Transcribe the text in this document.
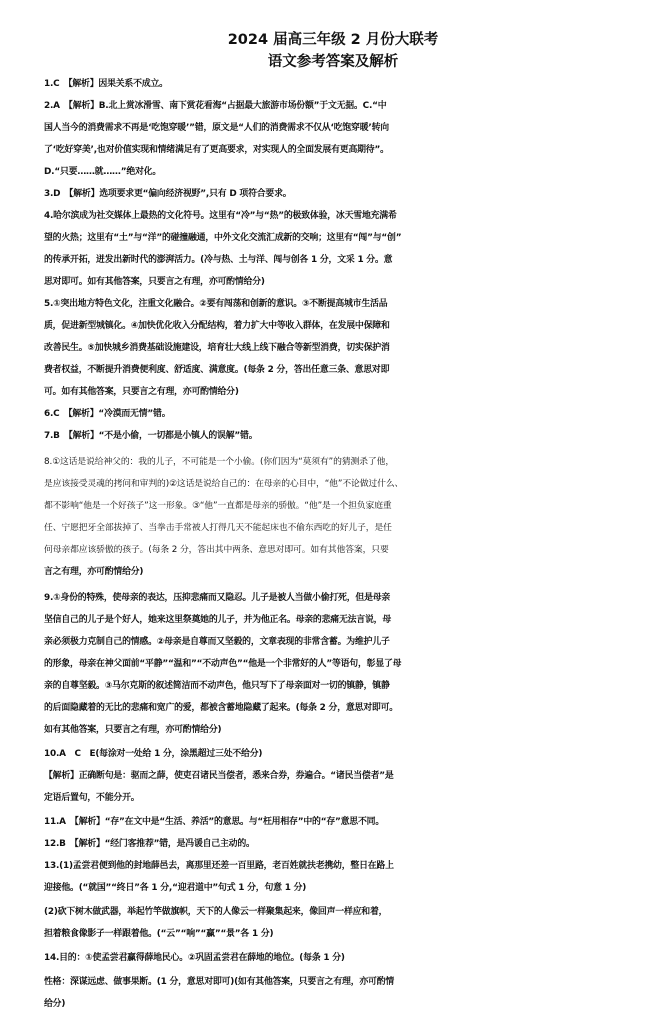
2024 届高三年级 2 月份大联考
语文参考答案及解析
1.C　【解析】因果关系不成立。
2.A　【解析】B.北上赏冰滑雪、南下赏花看海“占据最大旅游市场份额”于文无据。C.“中
国人当今的消费需求不再是‘吃饱穿暖’”错，原文是“人们的消费需求不仅从‘吃饱穿暖’转向
了‘吃好穿美’,也对价值实现和情绪满足有了更高要求，对实现人的全面发展有更高期待”。
D.“只要……就……”绝对化。
3.D　【解析】选项要求更“偏向经济视野”,只有 D 项符合要求。
4.哈尔滨成为社交媒体上最热的文化符号。这里有“冷”与“热”的极致体验，冰天雪地充满希
望的火热；这里有“土”与“洋”的碰撞融通，中外文化交流汇成新的交响；这里有“闯”与“创”
的传承开拓，迸发出新时代的澎湃活力。(冷与热、土与洋、闯与创各 1 分，文采 1 分。意
思对即可。如有其他答案，只要言之有理，亦可酌情给分)
5.①突出地方特色文化，注重文化融合。②要有闯荡和创新的意识。③不断提高城市生活品
质，促进新型城镇化。④加快优化收入分配结构，着力扩大中等收入群体，在发展中保障和
改善民生。⑤加快城乡消费基础设施建设，培育壮大线上线下融合等新型消费，切实保护消
费者权益，不断提升消费便利度、舒适度、满意度。(每条 2 分，答出任意三条、意思对即
可。如有其他答案，只要言之有理，亦可酌情给分)
6.C　【解析】“冷漠而无情”错。
7.B　【解析】“不是小偷，一切都是小镇人的误解”错。
8.①这话是说给神父的：我的儿子，不可能是一个小偷。(你们因为“莫须有”的猜测杀了他，
是应该接受灵魂的拷问和审判的)②这话是说给自己的：在母亲的心目中，“他”不论做过什么、
都不影响“他是一个好孩子”这一形象。③“他”一直都是母亲的骄傲。“他”是一个担负家庭重
任、宁愿把牙全部拔掉了、当拳击手常被人打得几天不能起床也不偷东西吃的好儿子，是任
何母亲都应该骄傲的孩子。(每条 2 分，答出其中两条、意思对即可。如有其他答案，只要
言之有理，亦可酌情给分)
9.①身份的特殊，使母亲的表达，压抑悲痛而又隐忍。儿子是被人当做小偷打死，但是母亲
坚信自己的儿子是个好人，她来这里祭奠她的儿子，并为他正名。母亲的悲痛无法言说，母
亲必须极力克制自己的情感。②母亲是自尊而又坚毅的，文章表现的非常含蓄。为维护儿子
的形象，母亲在神父面前“平静”“温和”“不动声色”“他是一个非常好的人”等语句，彰显了母
亲的自尊坚毅。③马尔克斯的叙述简洁而不动声色，他只写下了母亲面对一切的镇静，镇静
的后面隐藏着的无比的悲痛和宽广的爱，都被含蓄地隐藏了起来。(每条 2 分，意思对即可。
如有其他答案，只要言之有理，亦可酌情给分)
10.A　C　E(每涂对一处给 1 分，涂黑超过三处不给分)
【解析】正确断句是：驱而之薛，使吏召诸民当偿者，悉来合券，券遍合。“诸民当偿者”是
定语后置句，不能分开。
11.A　【解析】“存”在文中是“生活、养活”的意思。与“枉用相存”中的“存”意思不同。
12.B　【解析】“经门客推荐”错，是冯谖自己主动的。
13.(1)孟尝君便到他的封地薛邑去，离那里还差一百里路，老百姓就扶老携幼，整日在路上
迎接他。(“就国”“终日”各 1 分,“迎君道中”句式 1 分，句意 1 分)
(2)砍下树木做武器，举起竹竿做旗帜，天下的人像云一样聚集起来，像回声一样应和着，
担着粮食像影子一样跟着他。(“云”“响”“赢”“景”各 1 分)
14.目的：①使孟尝君赢得薛地民心。②巩固孟尝君在薛地的地位。(每条 1 分)
性格：深谋远虑、做事果断。(1 分，意思对即可)(如有其他答案，只要言之有理，亦可酌情
给分)
